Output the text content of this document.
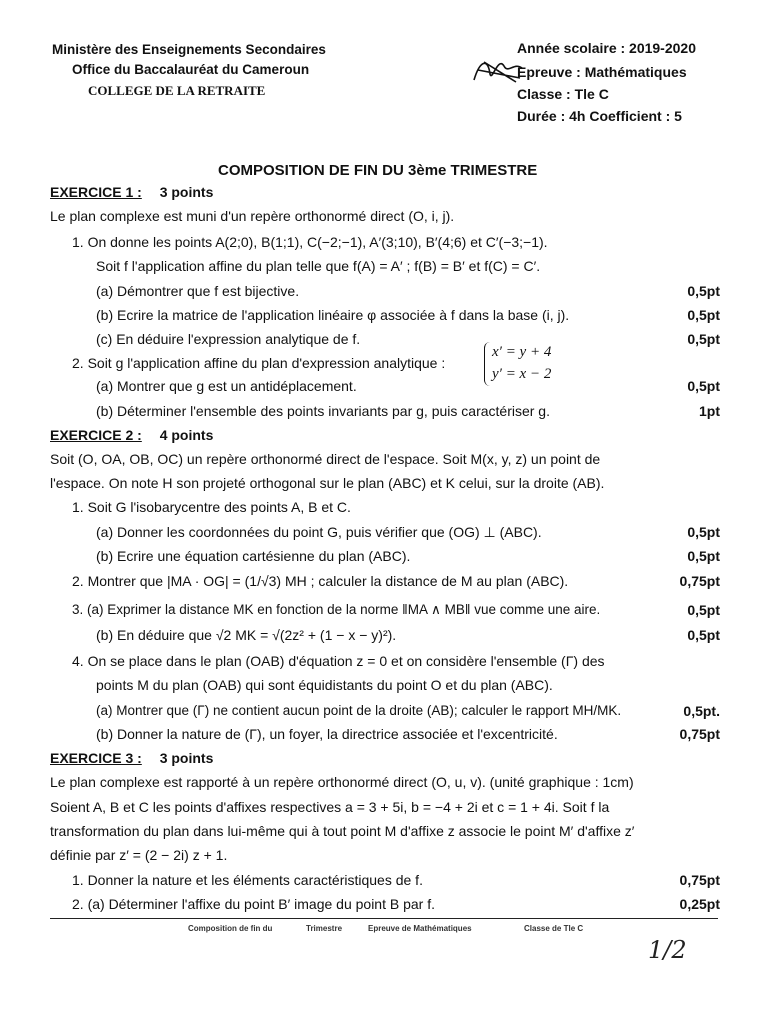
Ministère des Enseignements Secondaires
Office du Baccalauréat du Cameroun
COLLEGE DE LA RETRAITE
Année scolaire : 2019-2020
Epreuve : Mathématiques
Classe : Tle C
Durée : 4h Coefficient : 5
COMPOSITION DE FIN DU 3ème TRIMESTRE
EXERCICE 1 : 3 points
Le plan complexe est muni d'un repère orthonormé direct (O, i, j).
1. On donne les points A(2;0), B(1;1), C(−2;−1), A′(3;10), B′(4;6) et C′(−3;−1).
Soit f l'application affine du plan telle que f(A) = A′ ; f(B) = B′ et f(C) = C′.
(a) Démontrer que f est bijective.	0,5pt
(b) Ecrire la matrice de l'application linéaire φ associée à f dans la base (i, j).	0,5pt
(c) En déduire l'expression analytique de f.	0,5pt
2. Soit g l'application affine du plan d'expression analytique :
x′ = y + 4
y′ = x − 2
(a) Montrer que g est un antidéplacement.	0,5pt
(b) Déterminer l'ensemble des points invariants par g, puis caractériser g.	1pt
EXERCICE 2 : 4 points
Soit (O, OA, OB, OC) un repère orthonormé direct de l'espace. Soit M(x, y, z) un point de
l'espace. On note H son projeté orthogonal sur le plan (ABC) et K celui, sur la droite (AB).
1. Soit G l'isobarycentre des points A, B et C.
(a) Donner les coordonnées du point G, puis vérifier que (OG) ⊥ (ABC).	0,5pt
(b) Ecrire une équation cartésienne du plan (ABC).	0,5pt
2. Montrer que |MA · OG| = (1/√3) MH ; calculer la distance de M au plan (ABC).	0,75pt
3. (a) Exprimer la distance MK en fonction de la norme ‖MA ∧ MB‖ vue comme une aire.	0,5pt
(b) En déduire que √2 MK = √(2z² + (1 − x − y)²).	0,5pt
4. On se place dans le plan (OAB) d'équation z = 0 et on considère l'ensemble (Γ) des
points M du plan (OAB) qui sont équidistants du point O et du plan (ABC).
(a) Montrer que (Γ) ne contient aucun point de la droite (AB); calculer le rapport MH/MK.	0,5pt.
(b) Donner la nature de (Γ), un foyer, la directrice associée et l'excentricité.	0,75pt
EXERCICE 3 : 3 points
Le plan complexe est rapporté à un repère orthonormé direct (O, u, v). (unité graphique : 1cm)
Soient A, B et C les points d'affixes respectives a = 3 + 5i, b = −4 + 2i et c = 1 + 4i. Soit f la
transformation du plan dans lui-même qui à tout point M d'affixe z associe le point M′ d'affixe z′
définie par z′ = (2 − 2i) z + 1.
1. Donner la nature et les éléments caractéristiques de f.	0,75pt
2. (a) Déterminer l'affixe du point B′ image du point B par f.	0,25pt
Composition de fin du	Trimestre	Epreuve de Mathématiques	Classe de Tle C
1/2
